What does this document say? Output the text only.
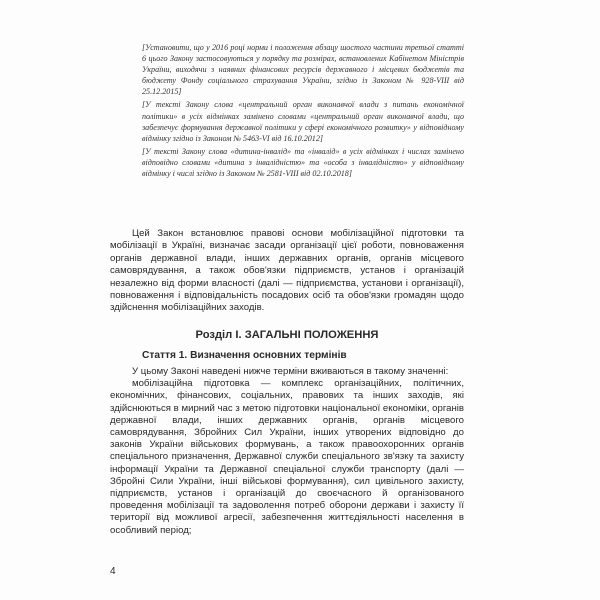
[Установити, що у 2016 році норми і положення абзацу шостого частини третьої статті 6 цього Закону застосовуються у порядку та розмірах, встановлених Кабінетом Міністрів України, виходячи з наявних фінансових ресурсів державного і місцевих бюджетів та бюджету Фонду соціального страхування України, згідно із Законом № 928-VIII від 25.12.2015]

[У тексті Закону слова «центральний орган виконавчої влади з питань економічної політики» в усіх відмінках замінено словами «центральний орган виконавчої влади, що забезпечує формування державної політики у сфері економічного розвитку» у відповідному відмінку згідно із Законом № 5463-VI від 16.10.2012]

[У тексті Закону слова «дитина-інвалід» та «інвалід» в усіх відмінках і числах замінено відповідно словами «дитина з інвалідністю» та «особа з інвалідністю» у відповідному відмінку і числі згідно із Законом № 2581-VIII від 02.10.2018]

Цей Закон встановлює правові основи мобілізаційної підготовки та мобілізації в Україні, визначає засади організації цієї роботи, повноваження органів державної влади, інших державних органів, органів місцевого самоврядування, а також обов'язки підприємств, установ і організацій незалежно від форми власності (далі — підприємства, установи і організації), повноваження і відповідальність посадових осіб та обов'язки громадян щодо здійснення мобілізаційних заходів.

Розділ І. ЗАГАЛЬНІ ПОЛОЖЕННЯ
Стаття 1. Визначення основних термінів

У цьому Законі наведені нижче терміни вживаються в такому значенні:

мобілізаційна підготовка — комплекс організаційних, політичних, економічних, фінансових, соціальних, правових та інших заходів, які здійснюються в мирний час з метою підготовки національної економіки, органів державної влади, інших державних органів, органів місцевого самоврядування, Збройних Сил України, інших утворених відповідно до законів України військових формувань, а також правоохоронних органів спеціального призначення, Державної служби спеціального зв'язку та захисту інформації України та Державної спеціальної служби транспорту (далі — Збройні Сили України, інші військові формування), сил цивільного захисту, підприємств, установ і організацій до своєчасного й організованого проведення мобілізації та задоволення потреб оборони держави і захисту її території від можливої агресії, забезпечення життєдіяльності населення в особливий період;

4
